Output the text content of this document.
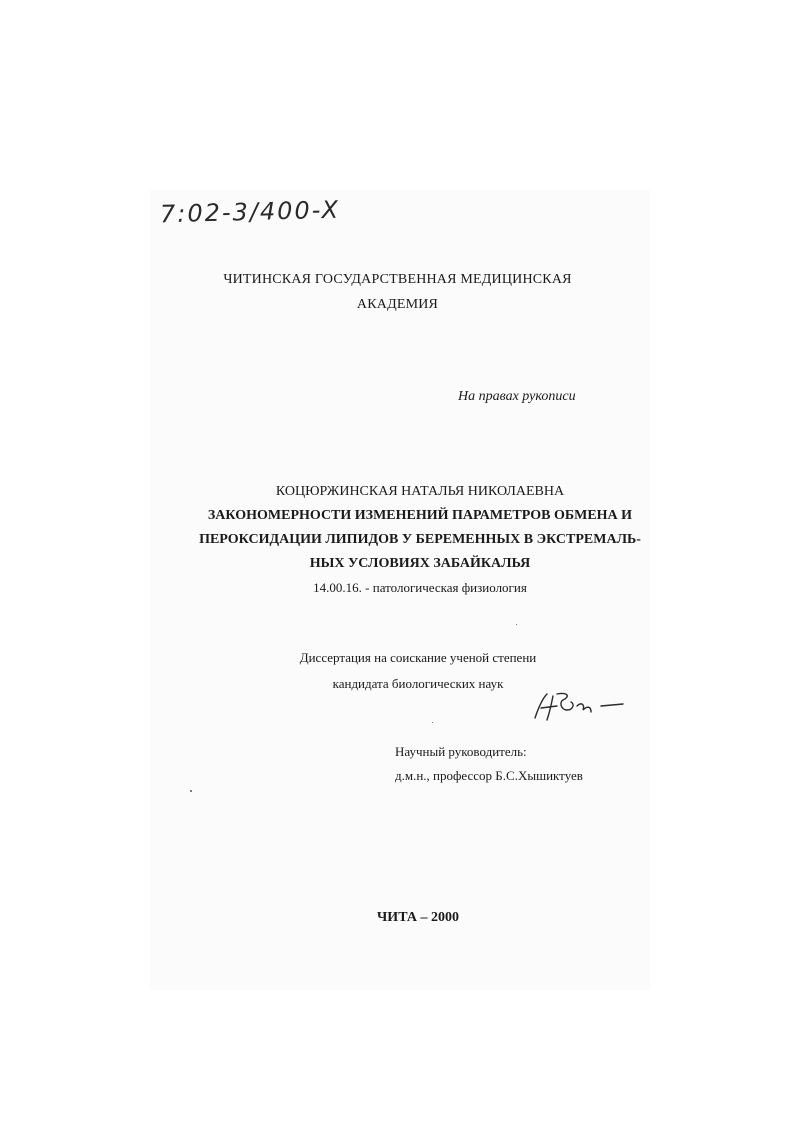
7:02-3/400-X
ЧИТИНСКАЯ ГОСУДАРСТВЕННАЯ МЕДИЦИНСКАЯ
АКАДЕМИЯ
На правах рукописи
КОЦЮРЖИНСКАЯ НАТАЛЬЯ НИКОЛАЕВНА
ЗАКОНОМЕРНОСТИ ИЗМЕНЕНИЙ ПАРАМЕТРОВ ОБМЕНА И
ПЕРОКСИДАЦИИ ЛИПИДОВ У БЕРЕМЕННЫХ В ЭКСТРЕМАЛЬ-
НЫХ УСЛОВИЯХ ЗАБАЙКАЛЬЯ
14.00.16. - патологическая физиология
Диссертация на соискание ученой степени
кандидата биологических наук
Научный руководитель:
д.м.н., профессор Б.С.Хышиктуев
ЧИТА – 2000
